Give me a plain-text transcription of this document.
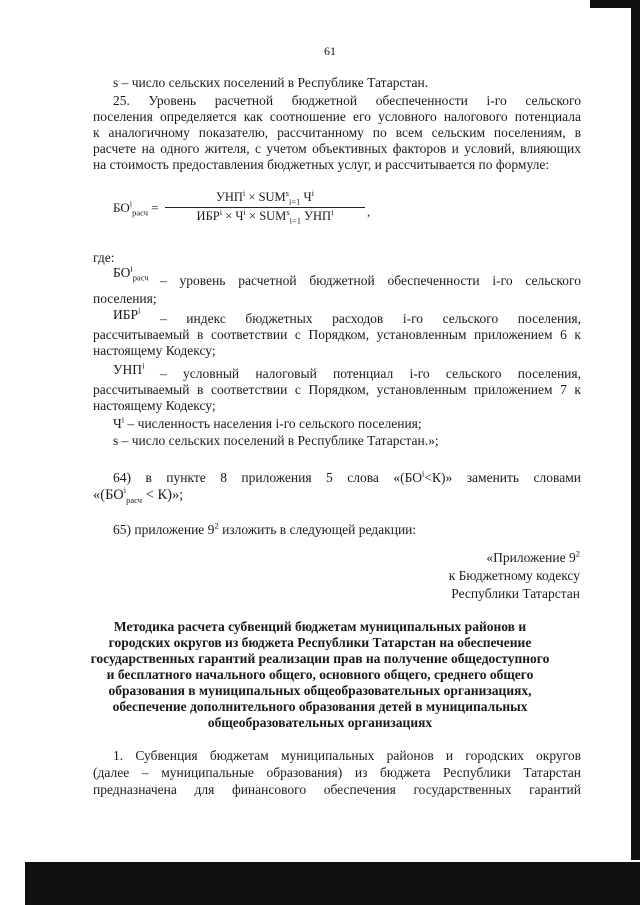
61
s – число сельских поселений в Республике Татарстан.
25. Уровень расчетной бюджетной обеспеченности i-го сельского
поселения определяется как соотношение его условного налогового потенциала
к аналогичному показателю, рассчитанному по всем сельским поселениям, в
расчете на одного жителя, с учетом объективных факторов и условий, влияющих
на стоимость предоставления бюджетных услуг, и рассчитывается по формуле:
$БО^i_{расч}$ =
$УНП^i \times SUM^s_{i=1}$ $Ч^i$
$ИБР^i \times Ч^i \times SUM^s_{i=1}$ УНП$^i$	,
где:
$БО^i_{расч}$ – уровень расчетной бюджетной обеспеченности i-го сельского
поселения;
ИБР$^i$
– индекс бюджетных расходов i-го сельского поселения,
рассчитываемый в соответствии с Порядком, установленным приложением 6 к
настоящему Кодексу;
УНП$^i$
– условный налоговый потенциал i-го сельского поселения,
рассчитываемый в соответствии с Порядком, установленным приложением 7 к
настоящему Кодексу;
$Ч^i$ – численность населения i-го сельского поселения;
s – число сельских поселений в Республике Татарстан.»;
64) в пункте 8 приложения 5 слова «$(БО^i<К)$» заменить словами
«$(БО^i_{расч} < К)$»;
65) приложение $9^2$ изложить в следующей редакции:
«Приложение $9^2$
к Бюджетному кодексу
Республики Татарстан
Методика расчета субвенций бюджетам муниципальных районов и
городских округов из бюджета Республики Татарстан на обеспечение
государственных гарантий реализации прав на получение общедоступного
и бесплатного начального общего, основного общего, среднего общего
образования в муниципальных общеобразовательных организациях,
обеспечение дополнительного образования детей в муниципальных
общеобразовательных организациях
1. Субвенция бюджетам муниципальных районов и городских округов
(далее – муниципальные образования) из бюджета Республики Татарстан
предназначена для финансового обеспечения государственных гарантий
